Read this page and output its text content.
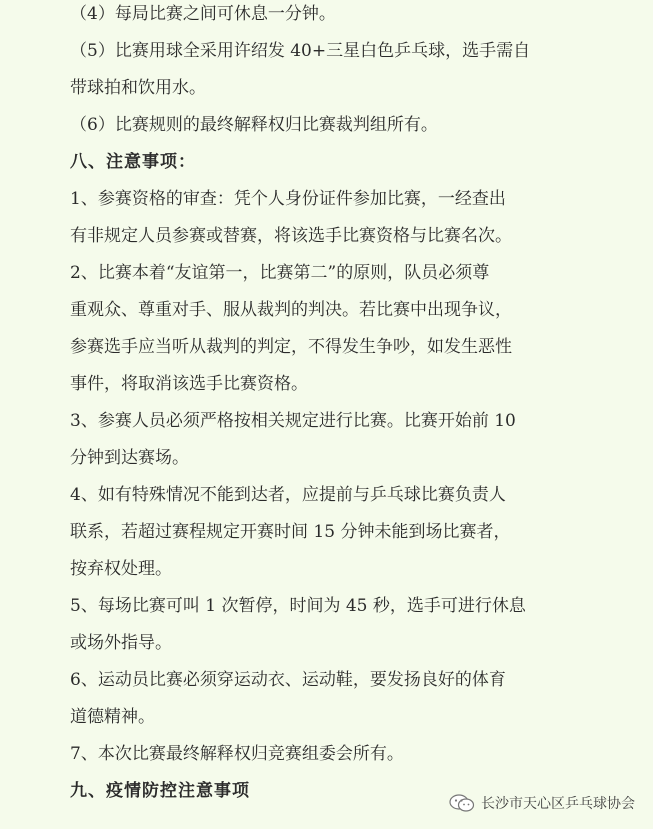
（4）每局比赛之间可休息一分钟。
（5）比赛用球全采用许绍发 40+三星白色乒乓球，选手需自
带球拍和饮用水。
（6）比赛规则的最终解释权归比赛裁判组所有。
八、注意事项：
1、参赛资格的审查：凭个人身份证件参加比赛，一经查出
有非规定人员参赛或替赛，将该选手比赛资格与比赛名次。
2、比赛本着“友谊第一，比赛第二”的原则，队员必须尊
重观众、尊重对手、服从裁判的判决。若比赛中出现争议，
参赛选手应当听从裁判的判定，不得发生争吵，如发生恶性
事件，将取消该选手比赛资格。
3、参赛人员必须严格按相关规定进行比赛。比赛开始前 10
分钟到达赛场。
4、如有特殊情况不能到达者，应提前与乒乓球比赛负责人
联系，若超过赛程规定开赛时间 15 分钟未能到场比赛者，
按弃权处理。
5、每场比赛可叫 1 次暂停，时间为 45 秒，选手可进行休息
或场外指导。
6、运动员比赛必须穿运动衣、运动鞋，要发扬良好的体育
道德精神。
7、本次比赛最终解释权归竞赛组委会所有。
九、疫情防控注意事项
长沙市天心区乒乓球协会
